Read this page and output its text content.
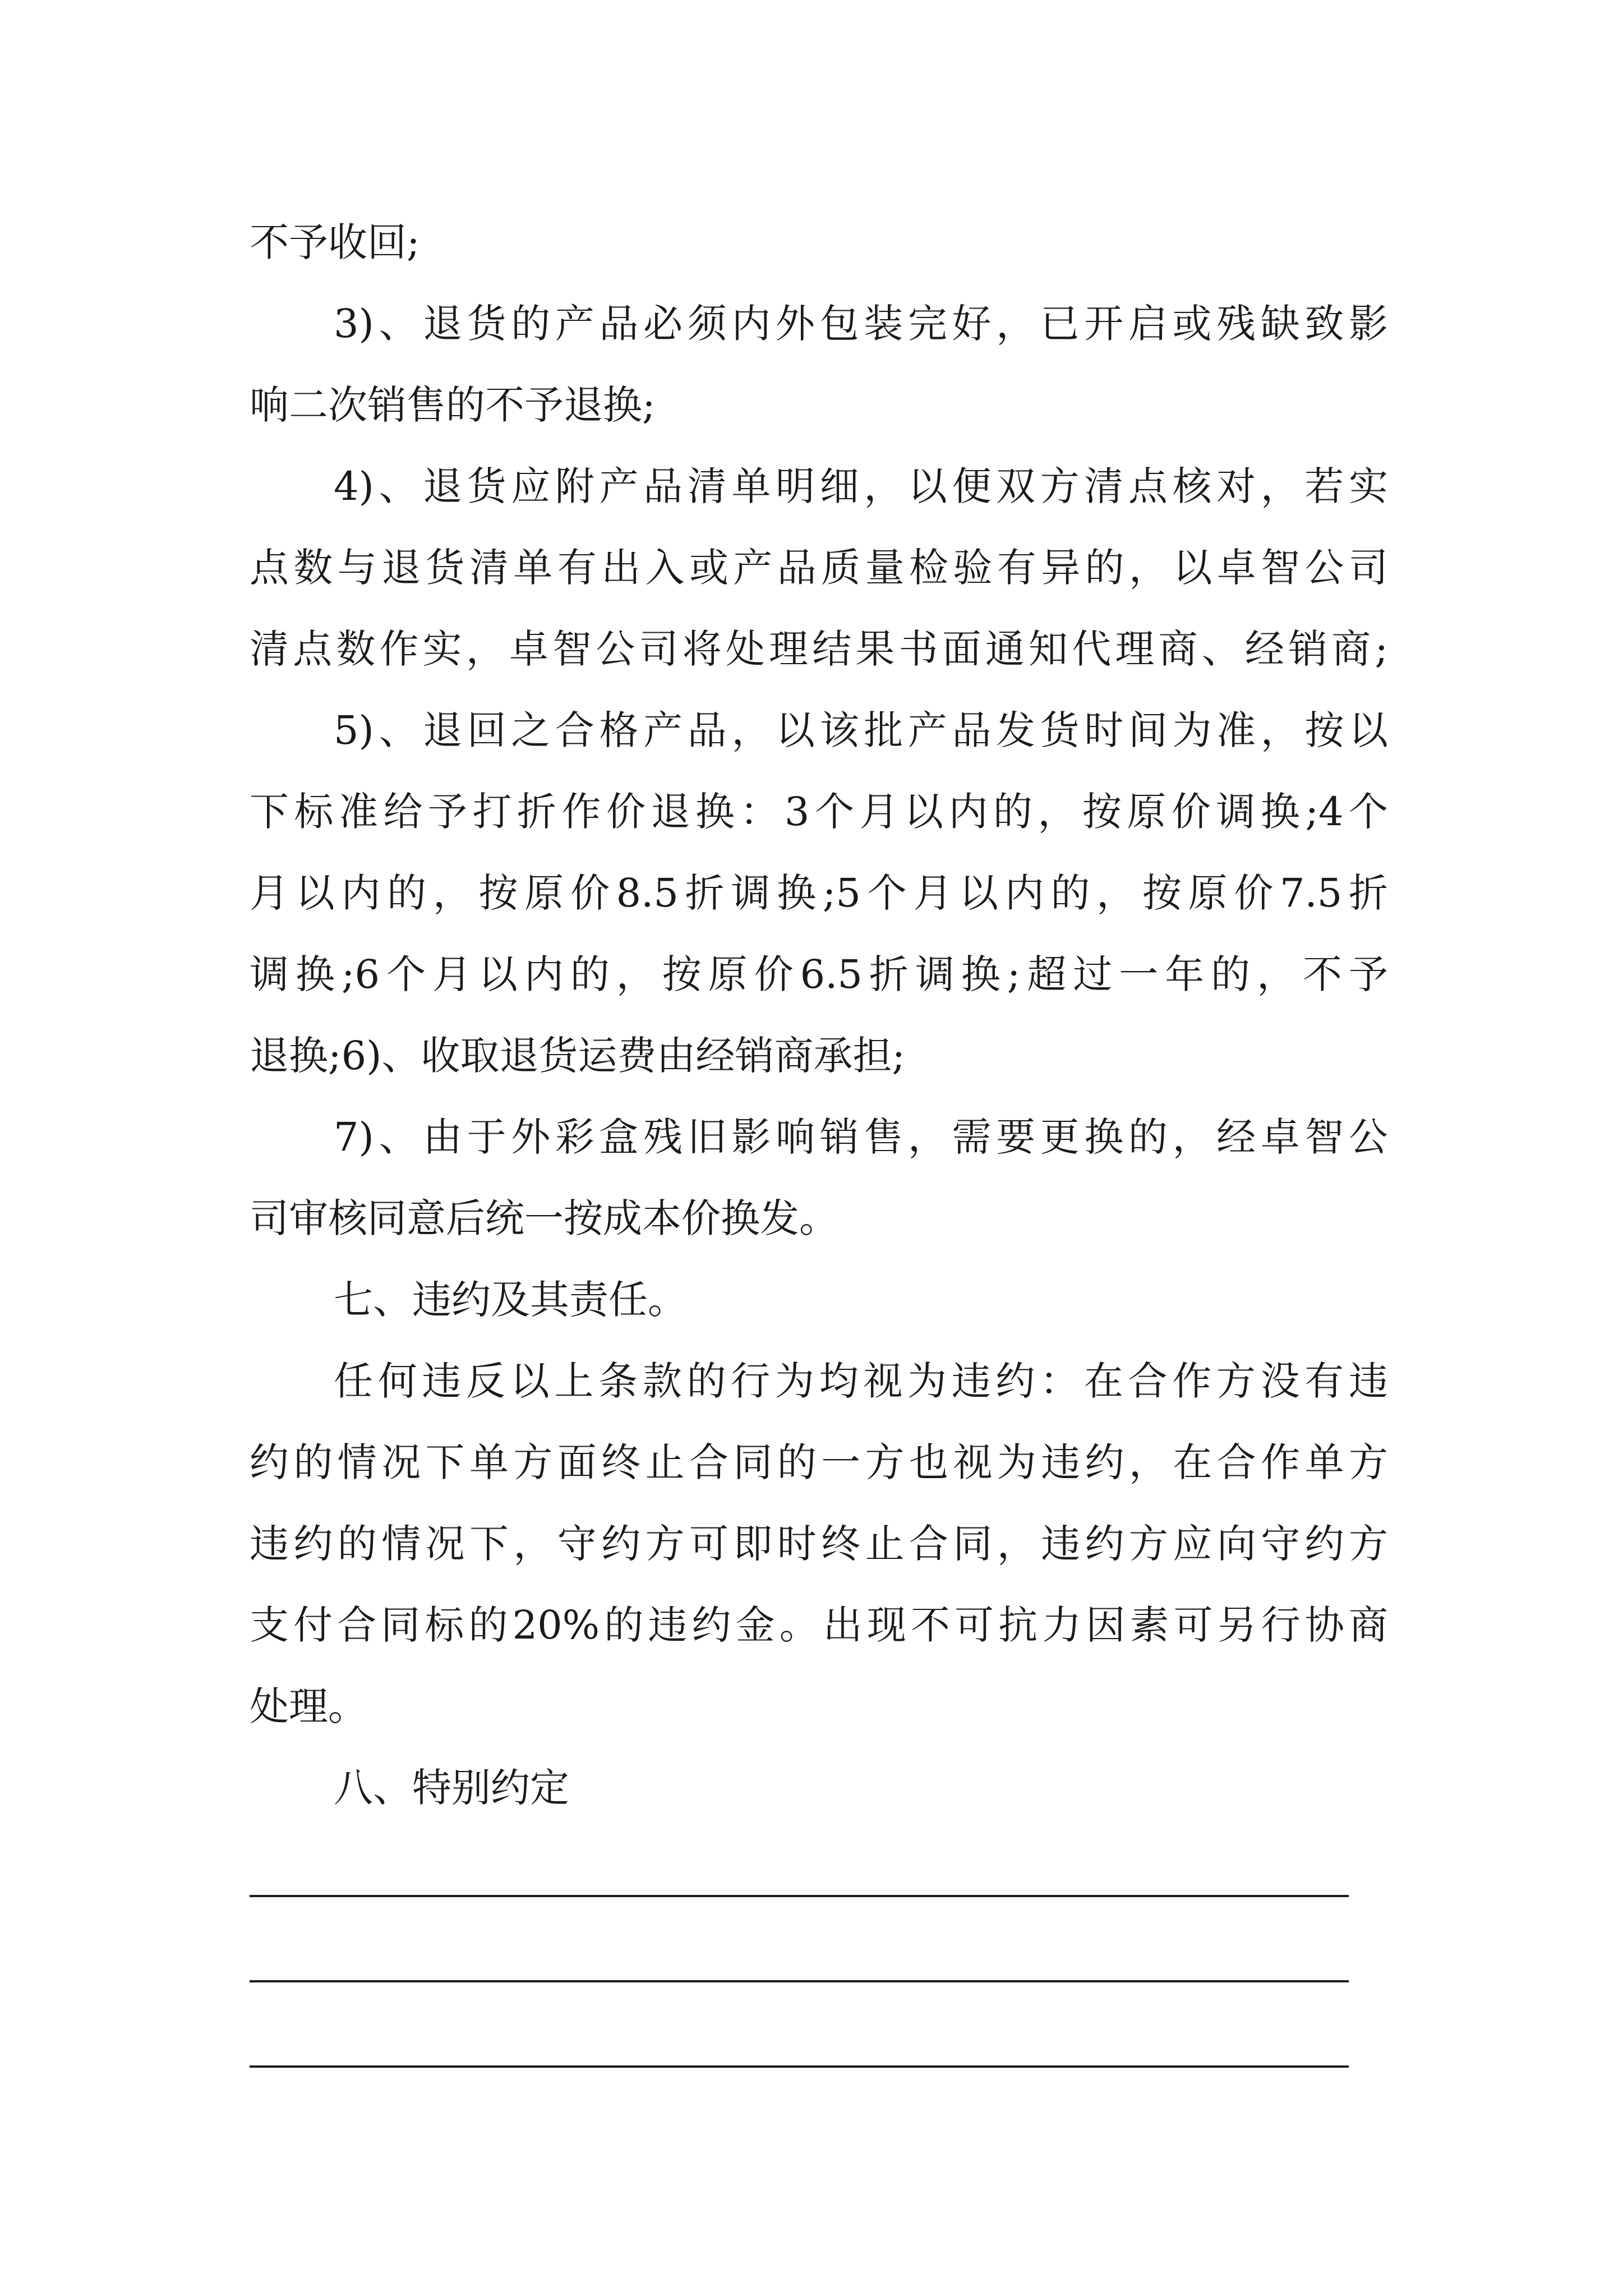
不予收回;
3)、退货的产品必须内外包装完好，已开启或残缺致影
响二次销售的不予退换;
4)、退货应附产品清单明细，以便双方清点核对，若实
点数与退货清单有出入或产品质量检验有异的，以卓智公司
清点数作实，卓智公司将处理结果书面通知代理商、经销商;
5)、退回之合格产品，以该批产品发货时间为准，按以
下标准给予打折作价退换：3个月以内的，按原价调换;4个
月以内的，按原价8.5折调换;5个月以内的，按原价7.5折
调换;6个月以内的，按原价6.5折调换;超过一年的，不予
退换;6)、收取退货运费由经销商承担;
7)、由于外彩盒残旧影响销售，需要更换的，经卓智公
司审核同意后统一按成本价换发。
七、违约及其责任。
任何违反以上条款的行为均视为违约：在合作方没有违
约的情况下单方面终止合同的一方也视为违约，在合作单方
违约的情况下，守约方可即时终止合同，违约方应向守约方
支付合同标的20%的违约金。出现不可抗力因素可另行协商
处理。
八、特别约定
